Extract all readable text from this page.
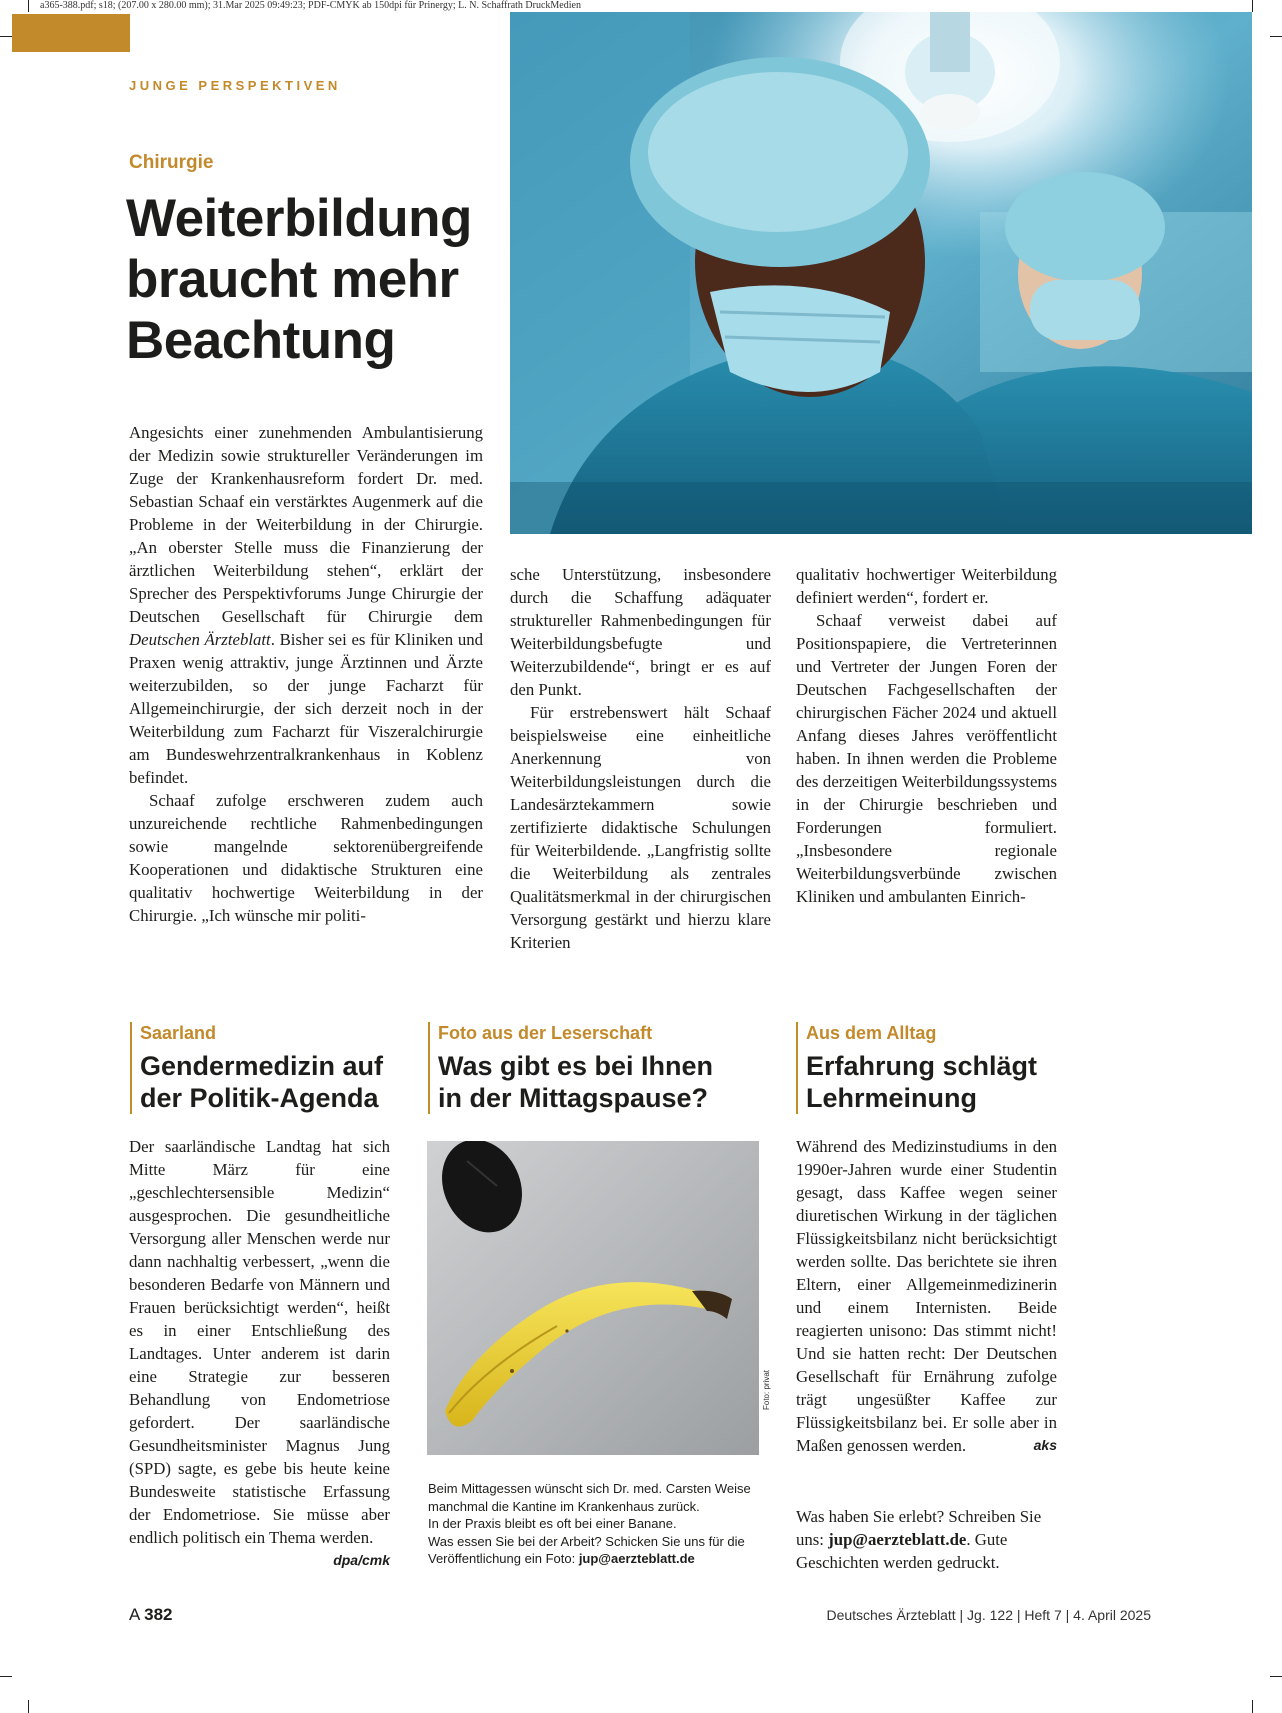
a365-388.pdf; s18; (207.00 x 280.00 mm); 31.Mar 2025 09:49:23; PDF-CMYK ab 150dpi für Prinergy; L. N. Schaffrath DruckMedien
JUNGE PERSPEKTIVEN
Chirurgie
Weiterbildung
braucht mehr
Beachtung

Angesichts einer zunehmenden Ambulantisierung der Medizin sowie struktureller Veränderungen im Zuge der Krankenhausreform fordert Dr. med. Sebastian Schaaf ein verstärktes Augenmerk auf die Probleme in der Weiterbildung in der Chirurgie. „An oberster Stelle muss die Finanzierung der ärztlichen Weiterbildung stehen“, erklärt der Sprecher des Perspektivforums Junge Chirurgie der Deutschen Gesellschaft für Chirurgie dem Deutschen Ärzteblatt. Bisher sei es für Kliniken und Praxen wenig attraktiv, junge Ärztinnen und Ärzte weiterzubilden, so der junge Facharzt für Allgemeinchirurgie, der sich derzeit noch in der Weiterbildung zum Facharzt für Viszeralchirurgie am Bundeswehrzentralkrankenhaus in Koblenz befindet.

Schaaf zufolge erschweren zudem auch unzureichende rechtliche Rahmenbedingungen sowie mangelnde sektorenübergreifende Kooperationen und didaktische Strukturen eine qualitativ hochwertige Weiterbildung in der Chirurgie. „Ich wünsche mir politi-

sche Unterstützung, insbesondere durch die Schaffung adäquater struktureller Rahmenbedingungen für Weiterbildungsbefugte und Weiterzubildende“, bringt er es auf den Punkt.

Für erstrebenswert hält Schaaf beispielsweise eine einheitliche Anerkennung von Weiterbildungsleistungen durch die Landesärztekammern sowie zertifizierte didaktische Schulungen für Weiterbildende. „Langfristig sollte die Weiterbildung als zentrales Qualitätsmerkmal in der chirurgischen Versorgung gestärkt und hierzu klare Kriterien

qualitativ hochwertiger Weiterbildung definiert werden“, fordert er.

Schaaf verweist dabei auf Positionspapiere, die Vertreterinnen und Vertreter der Jungen Foren der Deutschen Fachgesellschaften der chirurgischen Fächer 2024 und aktuell Anfang dieses Jahres veröffentlicht haben. In ihnen werden die Probleme des derzeitigen Weiterbildungssystems in der Chirurgie beschrieben und Forderungen formuliert. „Insbesondere regionale Weiterbildungsverbünde zwischen Kliniken und ambulanten Einrich-

Saarland
Gendermedizin auf
der Politik-Agenda
Der saarländische Landtag hat sich Mitte März für eine „geschlechtersensible Medizin“ ausgesprochen. Die gesundheitliche Versorgung aller Menschen werde nur dann nachhaltig verbessert, „wenn die besonderen Bedarfe von Männern und Frauen berücksichtigt werden“, heißt es in einer Entschließung des Landtages. Unter anderem ist darin eine Strategie zur besseren Behandlung von Endometriose gefordert. Der saarländische Gesundheitsminister Magnus Jung (SPD) sagte, es gebe bis heute keine Bundesweite statistische Erfassung der Endometriose. Sie müsse aber endlich politisch ein Thema werden.
dpa/cmk
Foto aus der Leserschaft
Was gibt es bei Ihnen
in der Mittagspause?
Foto: privat
Beim Mittagessen wünscht sich Dr. med. Carsten Weise
manchmal die Kantine im Krankenhaus zurück.
In der Praxis bleibt es oft bei einer Banane.
Was essen Sie bei der Arbeit? Schicken Sie uns für die
Veröffentlichung ein Foto: jup@aerzteblatt.de
Aus dem Alltag
Erfahrung schlägt
Lehrmeinung
Während des Medizinstudiums in den 1990er-Jahren wurde einer Studentin gesagt, dass Kaffee wegen seiner diuretischen Wirkung in der täglichen Flüssigkeitsbilanz nicht berücksichtigt werden sollte. Das berichtete sie ihren Eltern, einer Allgemeinmedizinerin und einem Internisten. Beide reagierten unisono: Das stimmt nicht! Und sie hatten recht: Der Deutschen Gesellschaft für Ernährung zufolge trägt ungesüßter Kaffee zur Flüssigkeitsbilanz bei. Er solle aber in Maßen genossen werden.	aks
Was haben Sie erlebt? Schreiben Sie uns: jup@aerzteblatt.de. Gute Geschichten werden gedruckt.
A 382	Deutsches Ärzteblatt | Jg. 122 | Heft 7 | 4. April 2025
